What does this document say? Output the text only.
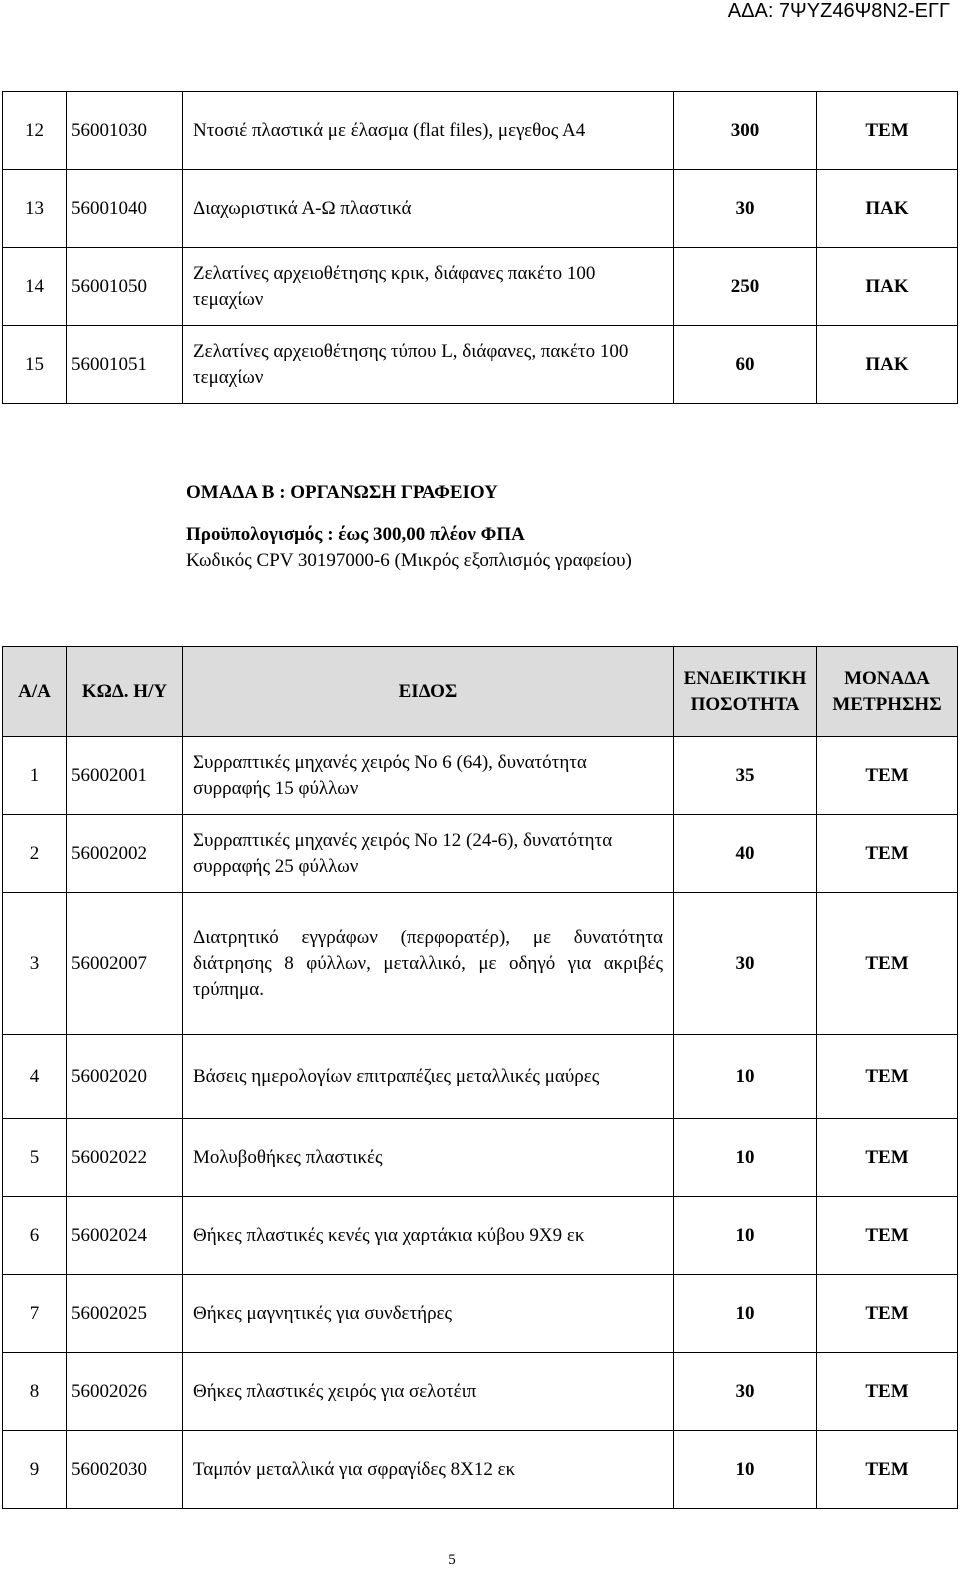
ΑΔΑ: 7ΨΥΖ46Ψ8Ν2-ΕΓΓ
12	56001030	Ντοσιέ πλαστικά με έλασμα (flat files), μεγεθος Α4	300	ΤΕΜ
13	56001040	Διαχωριστικά Α-Ω πλαστικά	30	ΠΑΚ
14	56001050	Ζελατίνες αρχειοθέτησης κρικ, διάφανες πακέτο 100 τεμαχίων	250	ΠΑΚ
15	56001051	Ζελατίνες αρχειοθέτησης τύπου L, διάφανες, πακέτο 100 τεμαχίων	60	ΠΑΚ
ΟΜΑΔΑ Β : ΟΡΓΑΝΩΣΗ ΓΡΑΦΕΙΟΥ
Προϋπολογισμός : έως 300,00 πλέον ΦΠΑ
Κωδικός CPV 30197000-6 (Μικρός εξοπλισμός γραφείου)
Α/Α	ΚΩΔ. Η/Υ	ΕΙΔΟΣ	ΕΝΔΕΙΚΤΙΚΗ ΠΟΣΟΤΗΤΑ	ΜΟΝΑΔΑ ΜΕΤΡΗΣΗΣ
1	56002001	Συρραπτικές μηχανές χειρός Νο 6 (64), δυνατότητα συρραφής 15 φύλλων	35	ΤΕΜ
2	56002002	Συρραπτικές μηχανές χειρός Νο 12 (24-6), δυνατότητα συρραφής 25 φύλλων	40	ΤΕΜ
3	56002007	Διατρητικό εγγράφων (περφορατέρ), με δυνατότητα διάτρησης 8 φύλλων, μεταλλικό, με οδηγό για ακριβές τρύπημα.	30	ΤΕΜ
4	56002020	Βάσεις ημερολογίων επιτραπέζιες μεταλλικές μαύρες	10	ΤΕΜ
5	56002022	Μολυβοθήκες πλαστικές	10	ΤΕΜ
6	56002024	Θήκες πλαστικές κενές για χαρτάκια κύβου 9Χ9 εκ	10	ΤΕΜ
7	56002025	Θήκες μαγνητικές για συνδετήρες	10	ΤΕΜ
8	56002026	Θήκες πλαστικές χειρός για σελοτέιπ	30	ΤΕΜ
9	56002030	Ταμπόν μεταλλικά για σφραγίδες 8Χ12 εκ	10	ΤΕΜ
5
